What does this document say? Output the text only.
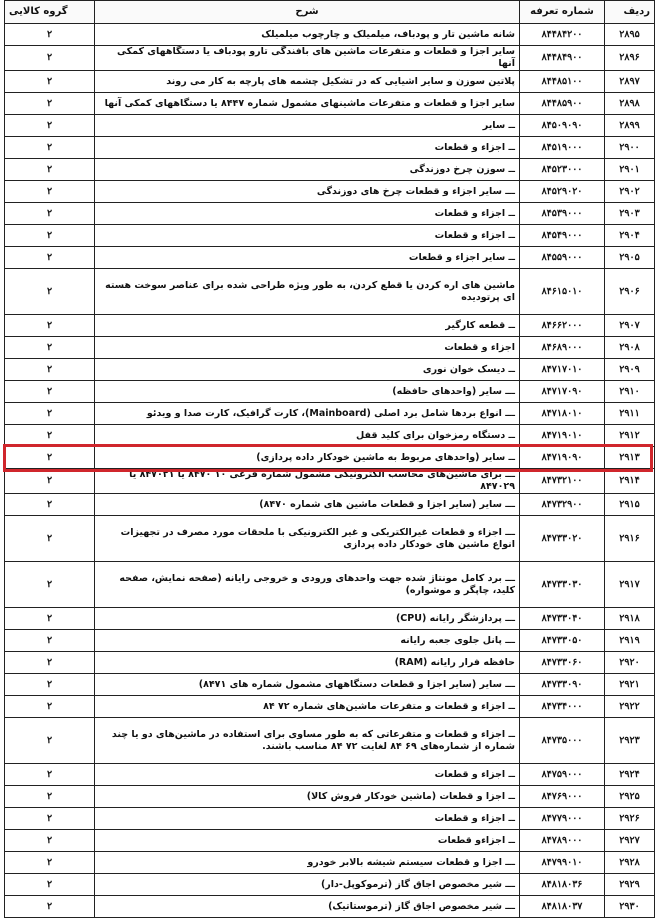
ردیف	شماره تعرفه	شرح	گروه کالایی
۲۸۹۵	۸۴۴۸۴۲۰۰	شانه ماشین تار و پودباف، میلمیلک و چارچوب میلمیلک	۲
۲۸۹۶	۸۴۴۸۴۹۰۰	سایر اجزا و قطعات و متفرعات ماشین های بافندگی تارو پودباف یا دستگاههای کمکی آنها	۲
۲۸۹۷	۸۴۴۸۵۱۰۰	پلاتین سوزن و سایر اشیایی که در تشکیل چشمه های پارچه به کار می روند	۲
۲۸۹۸	۸۴۴۸۵۹۰۰	سایر اجزا و قطعات و متفرعات ماشینهای مشمول شماره ۸۴۴۷ یا دستگاههای کمکی آنها	۲
۲۸۹۹	۸۴۵۰۹۰۹۰	ــ سایر	۲
۲۹۰۰	۸۴۵۱۹۰۰۰	ــ اجزاء و قطعات	۲
۲۹۰۱	۸۴۵۲۳۰۰۰	ــ سوزن چرخ دوزندگی	۲
۲۹۰۲	۸۴۵۲۹۰۲۰	ـــ سایر اجزاء و قطعات چرخ های دوزندگی	۲
۲۹۰۳	۸۴۵۳۹۰۰۰	ــ اجزاء و قطعات	۲
۲۹۰۴	۸۴۵۴۹۰۰۰	ــ اجزاء و قطعات	۲
۲۹۰۵	۸۴۵۵۹۰۰۰	ــ سایر اجزاء و قطعات	۲
۲۹۰۶	۸۴۶۱۵۰۱۰	ماشین های اره کردن یا قطع کردن، به طور ویژه طراحی شده برای عناصر سوخت هسته ای پرتودیده	۲
۲۹۰۷	۸۴۶۶۲۰۰۰	ــ قطعه کارگیر	۲
۲۹۰۸	۸۴۶۸۹۰۰۰	اجزاء و قطعات	۲
۲۹۰۹	۸۴۷۱۷۰۱۰	ــ دیسک خوان نوری	۲
۲۹۱۰	۸۴۷۱۷۰۹۰	ـــ سایر (واحدهای حافظه)	۲
۲۹۱۱	۸۴۷۱۸۰۱۰	ـــ انواع بردها شامل برد اصلی (Mainboard)، کارت گرافیک، کارت صدا و ویدئو	۲
۲۹۱۲	۸۴۷۱۹۰۱۰	ــ دستگاه رمزخوان برای کلید قفل	۲
۲۹۱۳	۸۴۷۱۹۰۹۰	ــ سایر (واحدهای مربوط به ماشین خودکار داده پردازی)	۲
۲۹۱۴	۸۴۷۳۲۱۰۰	ـــ برای ماشین‌های محاسب الکترونیکی مشمول شماره فرعی ۱۰ ۸۴۷۰ یا ۸۴۷۰۲۱ یا ۸۴۷۰۲۹	۲
۲۹۱۵	۸۴۷۳۲۹۰۰	ـــ سایر (سایر اجزا و قطعات ماشین های شماره ۸۴۷۰)	۲
۲۹۱۶	۸۴۷۳۳۰۲۰	ـــ اجزاء و قطعات غیرالکتریکی و غیر الکترونیکی با ملحقات مورد مصرف در تجهیزات انواع ماشین های خودکار داده پردازی	۲
۲۹۱۷	۸۴۷۳۳۰۳۰	ـــ برد کامل مونتاژ شده جهت واحدهای ورودی و خروجی رایانه (صفحه نمایش، صفحه کلید، چاپگر و موشواره)	۲
۲۹۱۸	۸۴۷۳۳۰۴۰	ـــ پردازشگر رایانه (CPU)	۲
۲۹۱۹	۸۴۷۳۳۰۵۰	ـــ پانل جلوی جعبه رایانه	۲
۲۹۲۰	۸۴۷۳۳۰۶۰	حافظه فرار رایانه (RAM)	۲
۲۹۲۱	۸۴۷۳۳۰۹۰	ـــ سایر (سایر اجزا و قطعات دستگاههای مشمول شماره های ۸۴۷۱)	۲
۲۹۲۲	۸۴۷۳۴۰۰۰	ــ اجزاء و قطعات و متفرعات ماشین‌های شماره ۷۲ ۸۴	۲
۲۹۲۳	۸۴۷۳۵۰۰۰	ــ اجزاء و قطعات و متفرعاتی که به طور مساوی برای استفاده در ماشین‌های دو یا چند شماره از شماره‌های ۶۹ ۸۴ لغایت ۷۲ ۸۴ مناسب باشند.	۲
۲۹۲۴	۸۴۷۵۹۰۰۰	ــ اجزاء و قطعات	۲
۲۹۲۵	۸۴۷۶۹۰۰۰	ــ اجزا و قطعات (ماشین خودکار فروش کالا)	۲
۲۹۲۶	۸۴۷۷۹۰۰۰	ــ اجزاء و قطعات	۲
۲۹۲۷	۸۴۷۸۹۰۰۰	ــ اجزاءو قطعات	۲
۲۹۲۸	۸۴۷۹۹۰۱۰	ـــ اجزا و قطعات سیستم شیشه بالابر خودرو	۲
۲۹۲۹	۸۴۸۱۸۰۳۶	ـــ شیر مخصوص اجاق گاز (ترموکوپل-دار)	۲
۲۹۳۰	۸۴۸۱۸۰۳۷	ـــ شیر مخصوص اجاق گاز (ترموستاتیک)	۲
